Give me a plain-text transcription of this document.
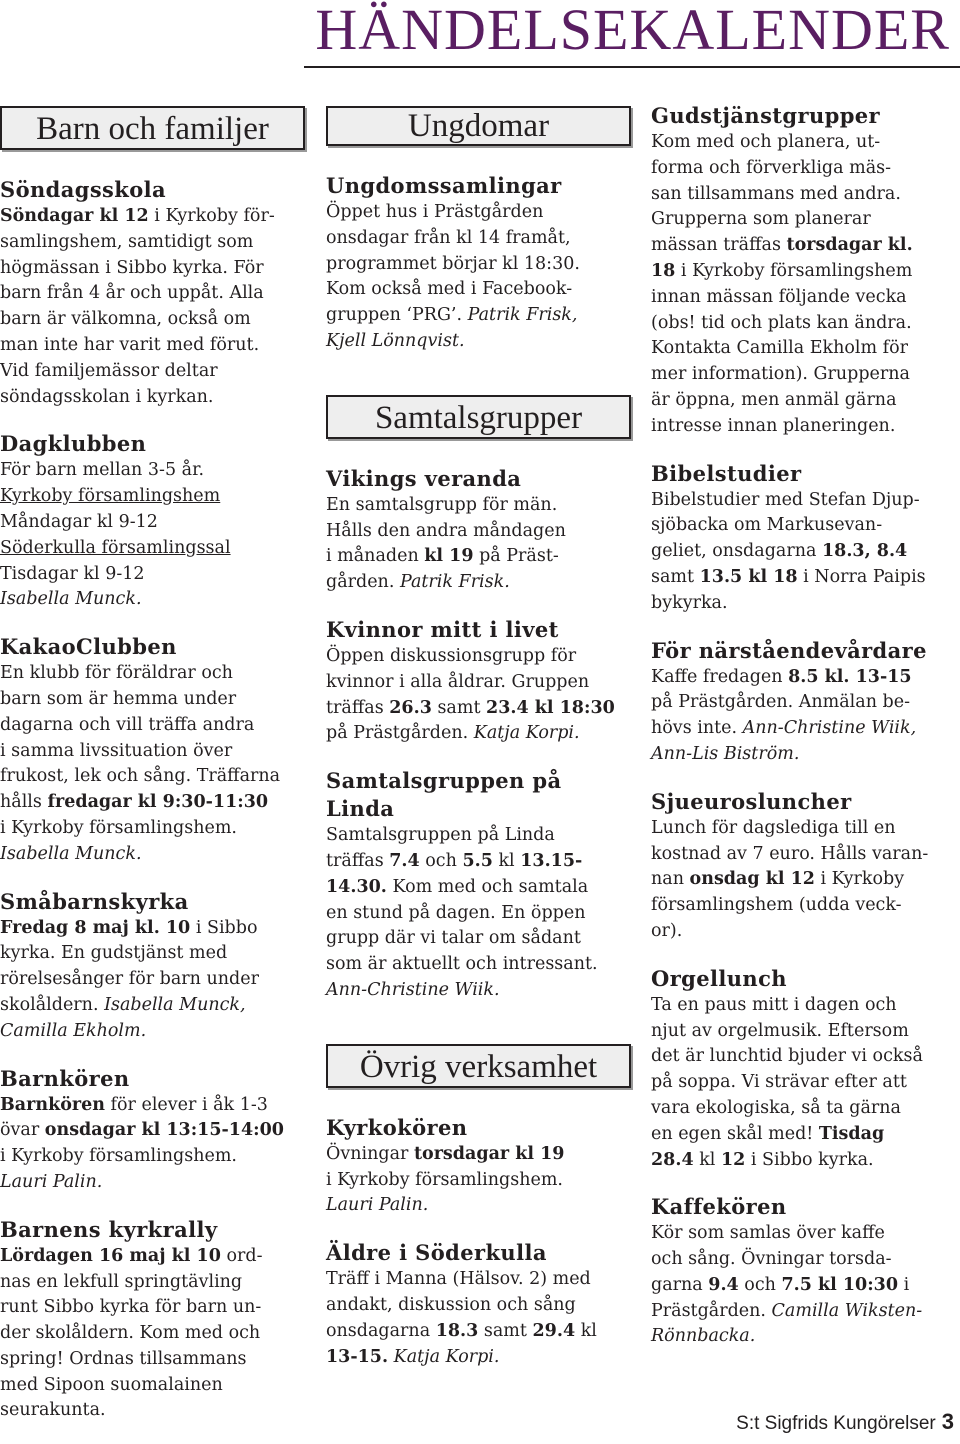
HÄNDELSEKALENDER
Barn och familjer
Söndagsskola
Söndagar kl 12 i Kyrkoby för-
samlingshem, samtidigt som
högmässan i Sibbo kyrka. För
barn från 4 år och uppåt. Alla
barn är välkomna, också om
man inte har varit med förut.
Vid familjemässor deltar
söndagsskolan i kyrkan.
Dagklubben
För barn mellan 3-5 år.
Kyrkoby församlingshem
Måndagar kl 9-12
Söderkulla församlingssal
Tisdagar kl 9-12
Isabella Munck.
KakaoClubben
En klubb för föräldrar och
barn som är hemma under
dagarna och vill träffa andra
i samma livssituation över
frukost, lek och sång. Träffarna
hålls fredagar kl 9:30-11:30
i Kyrkoby församlingshem.
Isabella Munck.
Småbarnskyrka
Fredag 8 maj kl. 10 i Sibbo
kyrka. En gudstjänst med
rörelsesånger för barn under
skolåldern. Isabella Munck,
Camilla Ekholm.
Barnkören
Barnkören för elever i åk 1-3
övar onsdagar kl 13:15-14:00
i Kyrkoby församlingshem.
Lauri Palin.
Barnens kyrkrally
Lördagen 16 maj kl 10 ord-
nas en lekfull springtävling
runt Sibbo kyrka för barn un-
der skolåldern. Kom med och
spring! Ordnas tillsammans
med Sipoon suomalainen
seurakunta.
Ungdomar
Ungdomssamlingar
Öppet hus i Prästgården
onsdagar från kl 14 framåt,
programmet börjar kl 18:30.
Kom också med i Facebook-
gruppen ‘PRG’. Patrik Frisk,
Kjell Lönnqvist.
Samtalsgrupper
Vikings veranda
En samtalsgrupp för män.
Hålls den andra måndagen
i månaden kl 19 på Präst-
gården. Patrik Frisk.
Kvinnor mitt i livet
Öppen diskussionsgrupp för
kvinnor i alla åldrar. Gruppen
träffas 26.3 samt 23.4 kl 18:30
på Prästgården. Katja Korpi.
Samtalsgruppen på Linda
Samtalsgruppen på Linda
träffas 7.4 och 5.5 kl 13.15-
14.30. Kom med och samtala
en stund på dagen. En öppen
grupp där vi talar om sådant
som är aktuellt och intressant.
Ann-Christine Wiik.
Övrig verksamhet
Kyrkokören
Övningar torsdagar kl 19
i Kyrkoby församlingshem.
Lauri Palin.
Äldre i Söderkulla
Träff i Manna (Hälsov. 2) med
andakt, diskussion och sång
onsdagarna 18.3 samt 29.4 kl
13-15. Katja Korpi.
Gudstjänstgrupper
Kom med och planera, ut-
forma och förverkliga mäs-
san tillsammans med andra.
Grupperna som planerar
mässan träffas torsdagar kl.
18 i Kyrkoby församlingshem
innan mässan följande vecka
(obs! tid och plats kan ändra.
Kontakta Camilla Ekholm för
mer information). Grupperna
är öppna, men anmäl gärna
intresse innan planeringen.
Bibelstudier
Bibelstudier med Stefan Djup-
sjöbacka om Markusevan-
geliet, onsdagarna 18.3, 8.4
samt 13.5 kl 18 i Norra Paipis
bykyrka.
För närståendevårdare
Kaffe fredagen 8.5 kl. 13-15
på Prästgården. Anmälan be-
hövs inte. Ann-Christine Wiik,
Ann-Lis Biström.
Sjueurosluncher
Lunch för dagslediga till en
kostnad av 7 euro. Hålls varan-
nan onsdag kl 12 i Kyrkoby
församlingshem (udda veck-
or).
Orgellunch
Ta en paus mitt i dagen och
njut av orgelmusik. Eftersom
det är lunchtid bjuder vi också
på soppa. Vi strävar efter att
vara ekologiska, så ta gärna
en egen skål med! Tisdag
28.4 kl 12 i Sibbo kyrka.
Kaffekören
Kör som samlas över kaffe
och sång. Övningar torsda-
garna 9.4 och 7.5 kl 10:30 i
Prästgården. Camilla Wiksten-
Rönnbacka.
S:t Sigfrids Kungörelser 3
